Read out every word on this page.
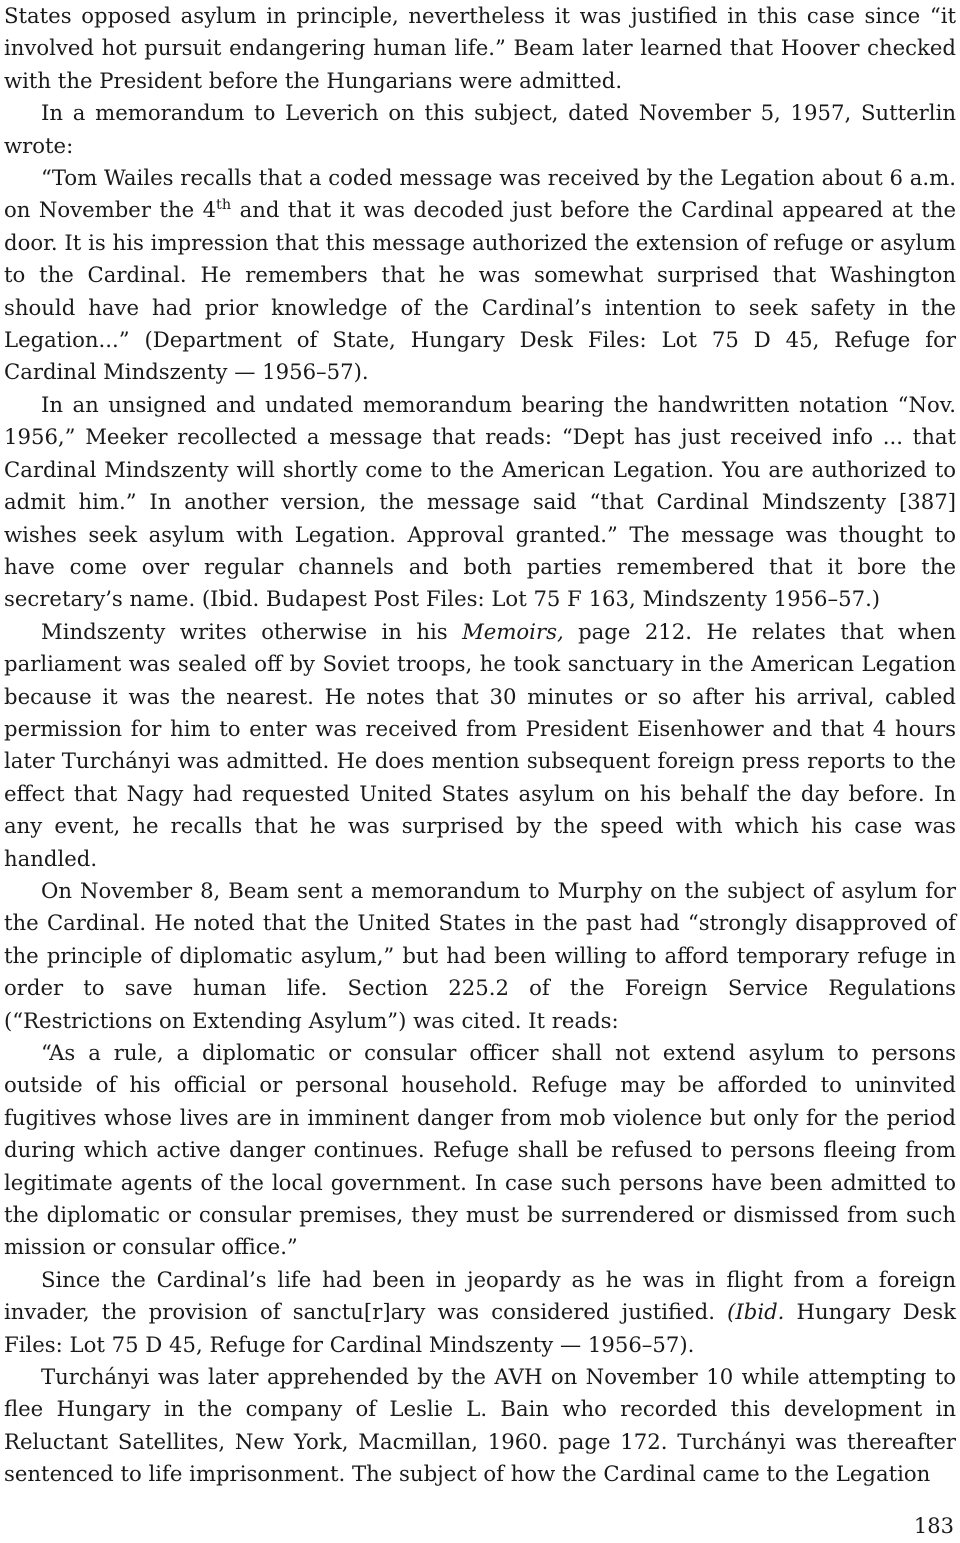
States opposed asylum in principle, nevertheless it was justified in this case since “it involved hot pursuit endangering human life.” Beam later learned that Hoover checked with the President before the Hungarians were admitted.

In a memorandum to Leverich on this subject, dated November 5, 1957, Sutterlin wrote:

“Tom Wailes recalls that a coded message was received by the Legation about 6 a.m. on November the 4th and that it was decoded just before the Cardinal appeared at the door. It is his impression that this message authorized the extension of refuge or asylum to the Cardinal. He remembers that he was somewhat surprised that Washington should have had prior knowledge of the Cardinal’s intention to seek safety in the Legation...” (Department of State, Hungary Desk Files: Lot 75 D 45, Refuge for Cardinal Mindszenty — 1956–57).

In an unsigned and undated memorandum bearing the handwritten notation “Nov. 1956,” Meeker recollected a message that reads: “Dept has just received info ... that Cardinal Mindszenty will shortly come to the American Legation. You are authorized to admit him.” In another version, the message said “that Cardinal Mindszenty [387] wishes seek asylum with Legation. Approval granted.” The message was thought to have come over regular channels and both parties remembered that it bore the secretary’s name. (Ibid. Budapest Post Files: Lot 75 F 163, Mindszenty 1956–57.)

Mindszenty writes otherwise in his Memoirs, page 212. He relates that when parliament was sealed off by Soviet troops, he took sanctuary in the American Legation because it was the nearest. He notes that 30 minutes or so after his arrival, cabled permission for him to enter was received from President Eisenhower and that 4 hours later Turchányi was admitted. He does mention subsequent foreign press reports to the effect that Nagy had requested United States asylum on his behalf the day before. In any event, he recalls that he was surprised by the speed with which his case was handled.

On November 8, Beam sent a memorandum to Murphy on the subject of asylum for the Cardinal. He noted that the United States in the past had “strongly disapproved of the principle of diplomatic asylum,” but had been willing to afford temporary refuge in order to save human life. Section 225.2 of the Foreign Service Regulations (“Restrictions on Extending Asylum”) was cited. It reads:

“As a rule, a diplomatic or consular officer shall not extend asylum to persons outside of his official or personal household. Refuge may be afforded to uninvited fugitives whose lives are in imminent danger from mob violence but only for the period during which active danger continues. Refuge shall be refused to persons fleeing from legitimate agents of the local government. In case such persons have been admitted to the diplomatic or consular premises, they must be surrendered or dismissed from such mission or consular office.”

Since the Cardinal’s life had been in jeopardy as he was in flight from a foreign invader, the provision of sanctu[r]ary was considered justified. (Ibid. Hungary Desk Files: Lot 75 D 45, Refuge for Cardinal Mindszenty — 1956–57).

Turchányi was later apprehended by the AVH on November 10 while attempting to flee Hungary in the company of Leslie L. Bain who recorded this development in Reluctant Satellites, New York, Macmillan, 1960. page 172. Turchányi was thereafter sentenced to life imprisonment. The subject of how the Cardinal came to the Legation

183
